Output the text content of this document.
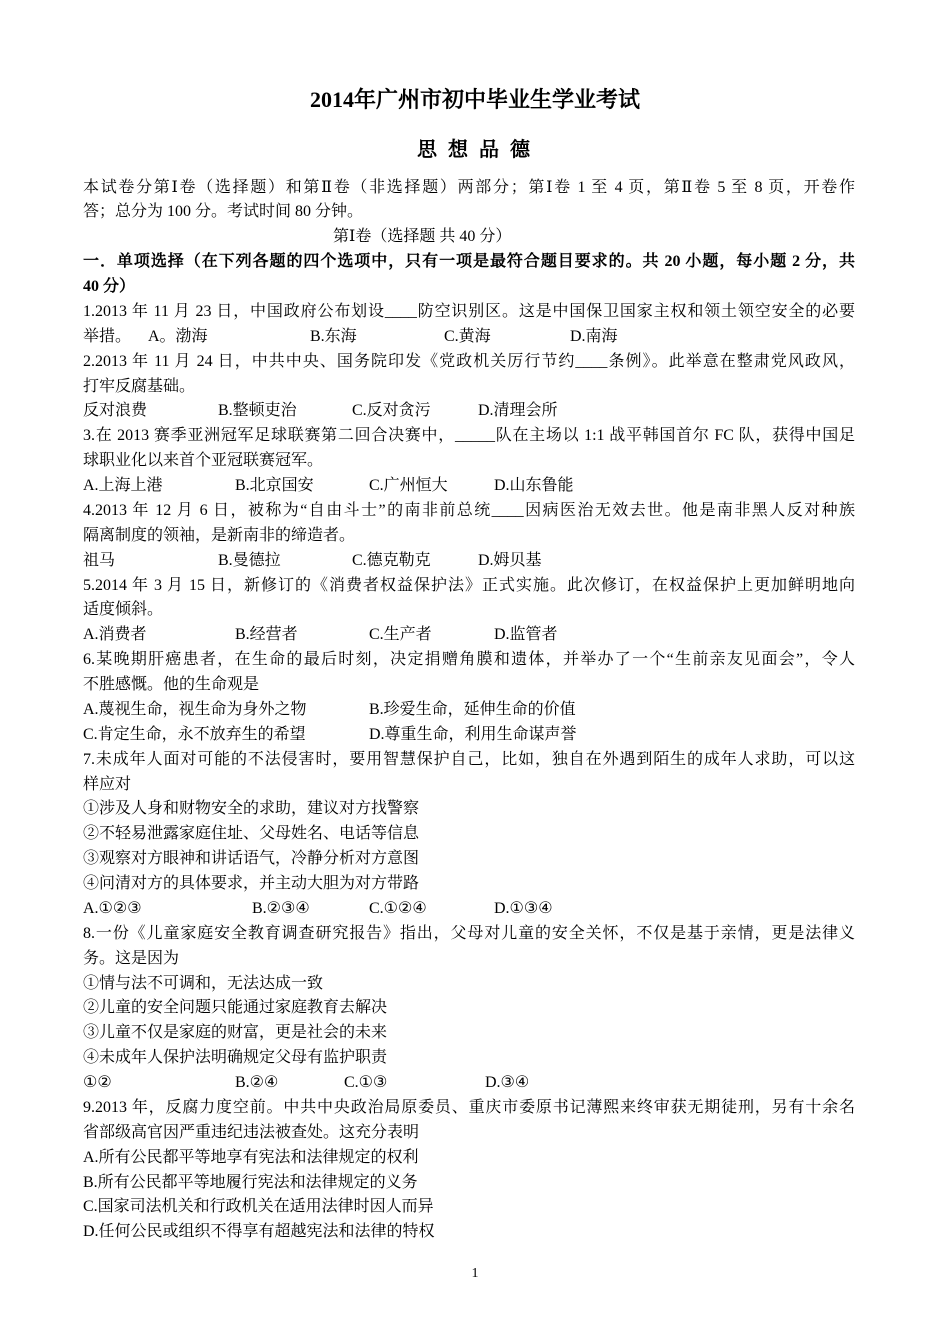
2014年广州市初中毕业生学业考试
思 想 品 德
本试卷分第Ⅰ卷（选择题）和第Ⅱ卷（非选择题）两部分；第Ⅰ卷 1 至 4 页，第Ⅱ卷 5 至 8 页，开卷作
答；总分为 100 分。考试时间 80 分钟。
第Ⅰ卷（选择题 共 40 分）
一．单项选择（在下列各题的四个选项中，只有一项是最符合题目要求的。共 20 小题，每小题 2 分，共
40 分）
1.2013 年 11 月 23 日，中国政府公布划设____防空识别区。这是中国保卫国家主权和领土领空安全的必要
举措。 A。渤海	B.东海	C.黄海	D.南海
2.2013 年 11 月 24 日，中共中央、国务院印发《党政机关厉行节约____条例》。此举意在整肃党风政风，
打牢反腐基础。
反对浪费	B.整顿吏治	C.反对贪污	D.清理会所
3.在 2013 赛季亚洲冠军足球联赛第二回合决赛中，_____队在主场以 1:1 战平韩国首尔 FC 队，获得中国足
球职业化以来首个亚冠联赛冠军。
A.上海上港	B.北京国安	C.广州恒大	D.山东鲁能
4.2013 年 12 月 6 日，被称为“自由斗士”的南非前总统____因病医治无效去世。他是南非黑人反对种族
隔离制度的领袖，是新南非的缔造者。
祖马	B.曼德拉	C.德克勒克	D.姆贝基
5.2014 年 3 月 15 日，新修订的《消费者权益保护法》正式实施。此次修订，在权益保护上更加鲜明地向
适度倾斜。
A.消费者	B.经营者	C.生产者	D.监管者
6.某晚期肝癌患者，在生命的最后时刻，决定捐赠角膜和遗体，并举办了一个“生前亲友见面会”，令人
不胜感慨。他的生命观是
A.蔑视生命，视生命为身外之物	B.珍爱生命，延伸生命的价值
C.肯定生命，永不放弃生的希望	D.尊重生命，利用生命谋声誉
7.未成年人面对可能的不法侵害时，要用智慧保护自己，比如，独自在外遇到陌生的成年人求助，可以这
样应对
①涉及人身和财物安全的求助，建议对方找警察
②不轻易泄露家庭住址、父母姓名、电话等信息
③观察对方眼神和讲话语气，冷静分析对方意图
④问清对方的具体要求，并主动大胆为对方带路
A.①②③	B.②③④	C.①②④	D.①③④
8.一份《儿童家庭安全教育调查研究报告》指出，父母对儿童的安全关怀，不仅是基于亲情，更是法律义
务。这是因为
①情与法不可调和，无法达成一致
②儿童的安全问题只能通过家庭教育去解决
③儿童不仅是家庭的财富，更是社会的未来
④未成年人保护法明确规定父母有监护职责
①②	B.②④	C.①③	D.③④
9.2013 年，反腐力度空前。中共中央政治局原委员、重庆市委原书记薄熙来终审获无期徒刑，另有十余名
省部级高官因严重违纪违法被查处。这充分表明
A.所有公民都平等地享有宪法和法律规定的权利
B.所有公民都平等地履行宪法和法律规定的义务
C.国家司法机关和行政机关在适用法律时因人而异
D.任何公民或组织不得享有超越宪法和法律的特权
1
